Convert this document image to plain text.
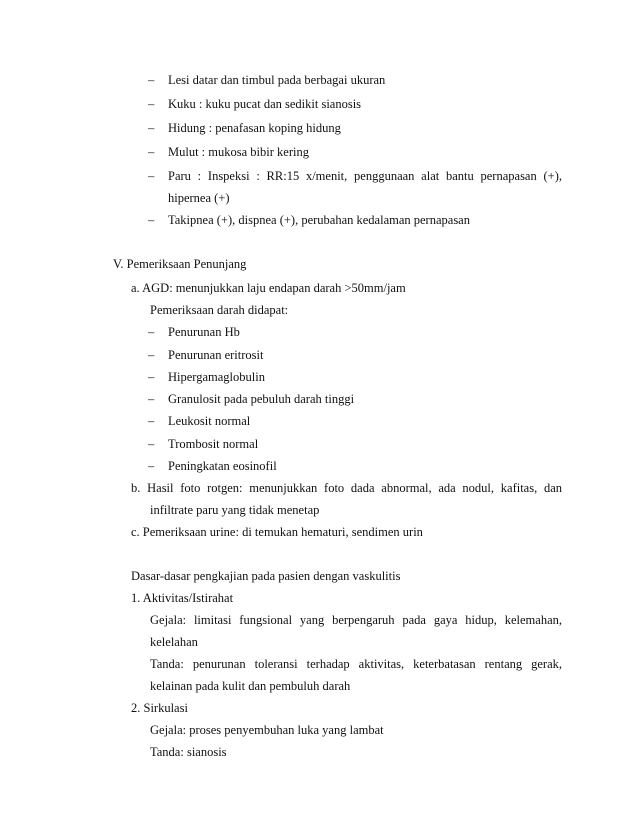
– Lesi datar dan timbul pada berbagai ukuran
– Kuku : kuku pucat dan sedikit sianosis
– Hidung : penafasan koping hidung
– Mulut : mukosa bibir kering
– Paru : Inspeksi : RR:15 x/menit, penggunaan alat bantu pernapasan (+),
hipernea (+)
– Takipnea (+), dispnea (+), perubahan kedalaman pernapasan
V. Pemeriksaan Penunjang
a. AGD: menunjukkan laju endapan darah >50mm/jam
Pemeriksaan darah didapat:
– Penurunan Hb
– Penurunan eritrosit
– Hipergamaglobulin
– Granulosit pada pebuluh darah tinggi
– Leukosit normal
– Trombosit normal
– Peningkatan eosinofil
b. Hasil foto rotgen: menunjukkan foto dada abnormal, ada nodul, kafitas, dan
infiltrate paru yang tidak menetap
c. Pemeriksaan urine: di temukan hematuri, sendimen urin
Dasar-dasar pengkajian pada pasien dengan vaskulitis
1. Aktivitas/Istirahat
Gejala: limitasi fungsional yang berpengaruh pada gaya hidup, kelemahan,
kelelahan
Tanda: penurunan toleransi terhadap aktivitas, keterbatasan rentang gerak,
kelainan pada kulit dan pembuluh darah
2. Sirkulasi
Gejala: proses penyembuhan luka yang lambat
Tanda: sianosis
